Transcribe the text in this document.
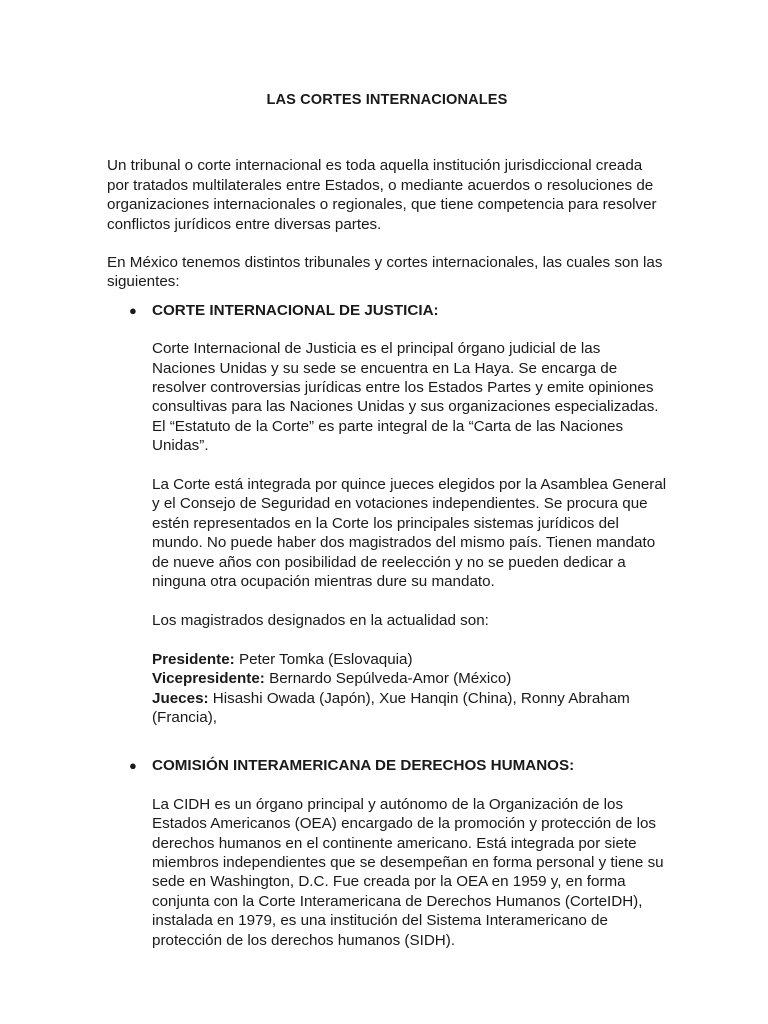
LAS CORTES INTERNACIONALES

Un tribunal o corte internacional es toda aquella institución jurisdiccional creada por tratados multilaterales entre Estados, o mediante acuerdos o resoluciones de organizaciones internacionales o regionales, que tiene competencia para resolver conflictos jurídicos entre diversas partes.

En México tenemos distintos tribunales y cortes internacionales, las cuales son las siguientes:

● CORTE INTERNACIONAL DE JUSTICIA:

Corte Internacional de Justicia es el principal órgano judicial de las Naciones Unidas y su sede se encuentra en La Haya. Se encarga de resolver controversias jurídicas entre los Estados Partes y emite opiniones consultivas para las Naciones Unidas y sus organizaciones especializadas. El “Estatuto de la Corte” es parte integral de la “Carta de las Naciones Unidas”.

La Corte está integrada por quince jueces elegidos por la Asamblea General y el Consejo de Seguridad en votaciones independientes. Se procura que estén representados en la Corte los principales sistemas jurídicos del mundo. No puede haber dos magistrados del mismo país. Tienen mandato de nueve años con posibilidad de reelección y no se pueden dedicar a ninguna otra ocupación mientras dure su mandato.

Los magistrados designados en la actualidad son:

Presidente: Peter Tomka (Eslovaquia)
Vicepresidente: Bernardo Sepúlveda-Amor (México)
Jueces: Hisashi Owada (Japón), Xue Hanqin (China), Ronny Abraham (Francia),
● COMISIÓN INTERAMERICANA DE DERECHOS HUMANOS:

La CIDH es un órgano principal y autónomo de la Organización de los Estados Americanos (OEA) encargado de la promoción y protección de los derechos humanos en el continente americano. Está integrada por siete miembros independientes que se desempeñan en forma personal y tiene su sede en Washington, D.C. Fue creada por la OEA en 1959 y, en forma conjunta con la Corte Interamericana de Derechos Humanos (CorteIDH), instalada en 1979, es una institución del Sistema Interamericano de protección de los derechos humanos (SIDH).
